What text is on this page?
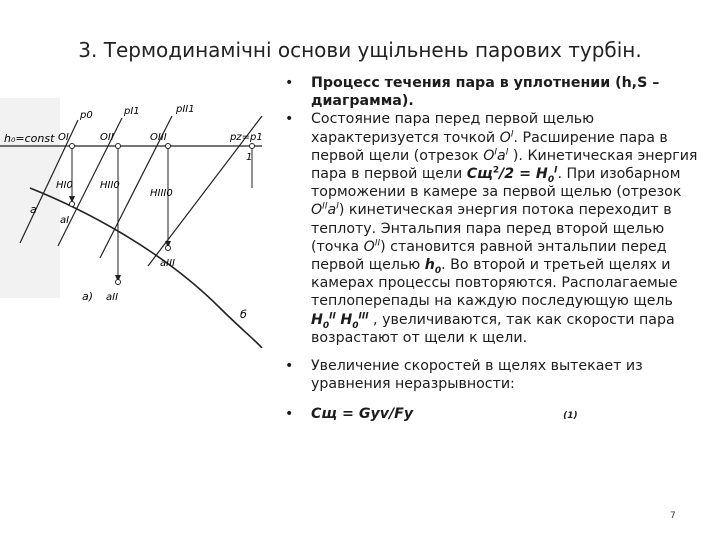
3. Термодинамічні основи ущільнень парових турбін.
h₀=const OI	OII	OIII	pz=p1
1
p0	pI1	pII1
aI
aII
aIII
HI0	HII0
HIII0
a
б
а)

• Процесс течения пара в уплотнении (h,S – диаграмма).

• Состояние пара перед первой щелью характеризуется точкой $O^I$. Расширение пара в первой щели (отрезок $O^Ia^I$ ). Кинетическая энергия пара в первой щели $Cщ^2/2 = H_0^I$. При изобарном торможении в камере за первой щелью (отрезок $O^{II}a^I$) кинетическая энергия потока переходит в теплоту. Энтальпия пара перед второй щелью (точка $O^{II}$) становится равной энтальпии перед первой щелью $h_0$. Во второй и третьей щелях и камерах процессы повторяются. Располагаемые теплоперепады на каждую последующую щель $H_0^{II}$ $H_0^{III}$ , увеличиваются, так как скорости пара возрастают от щели к щели.

• Увеличение скоростей в щелях вытекает из уравнения неразрывности:

• Cщ = Gуv/Fу	(1)

7
